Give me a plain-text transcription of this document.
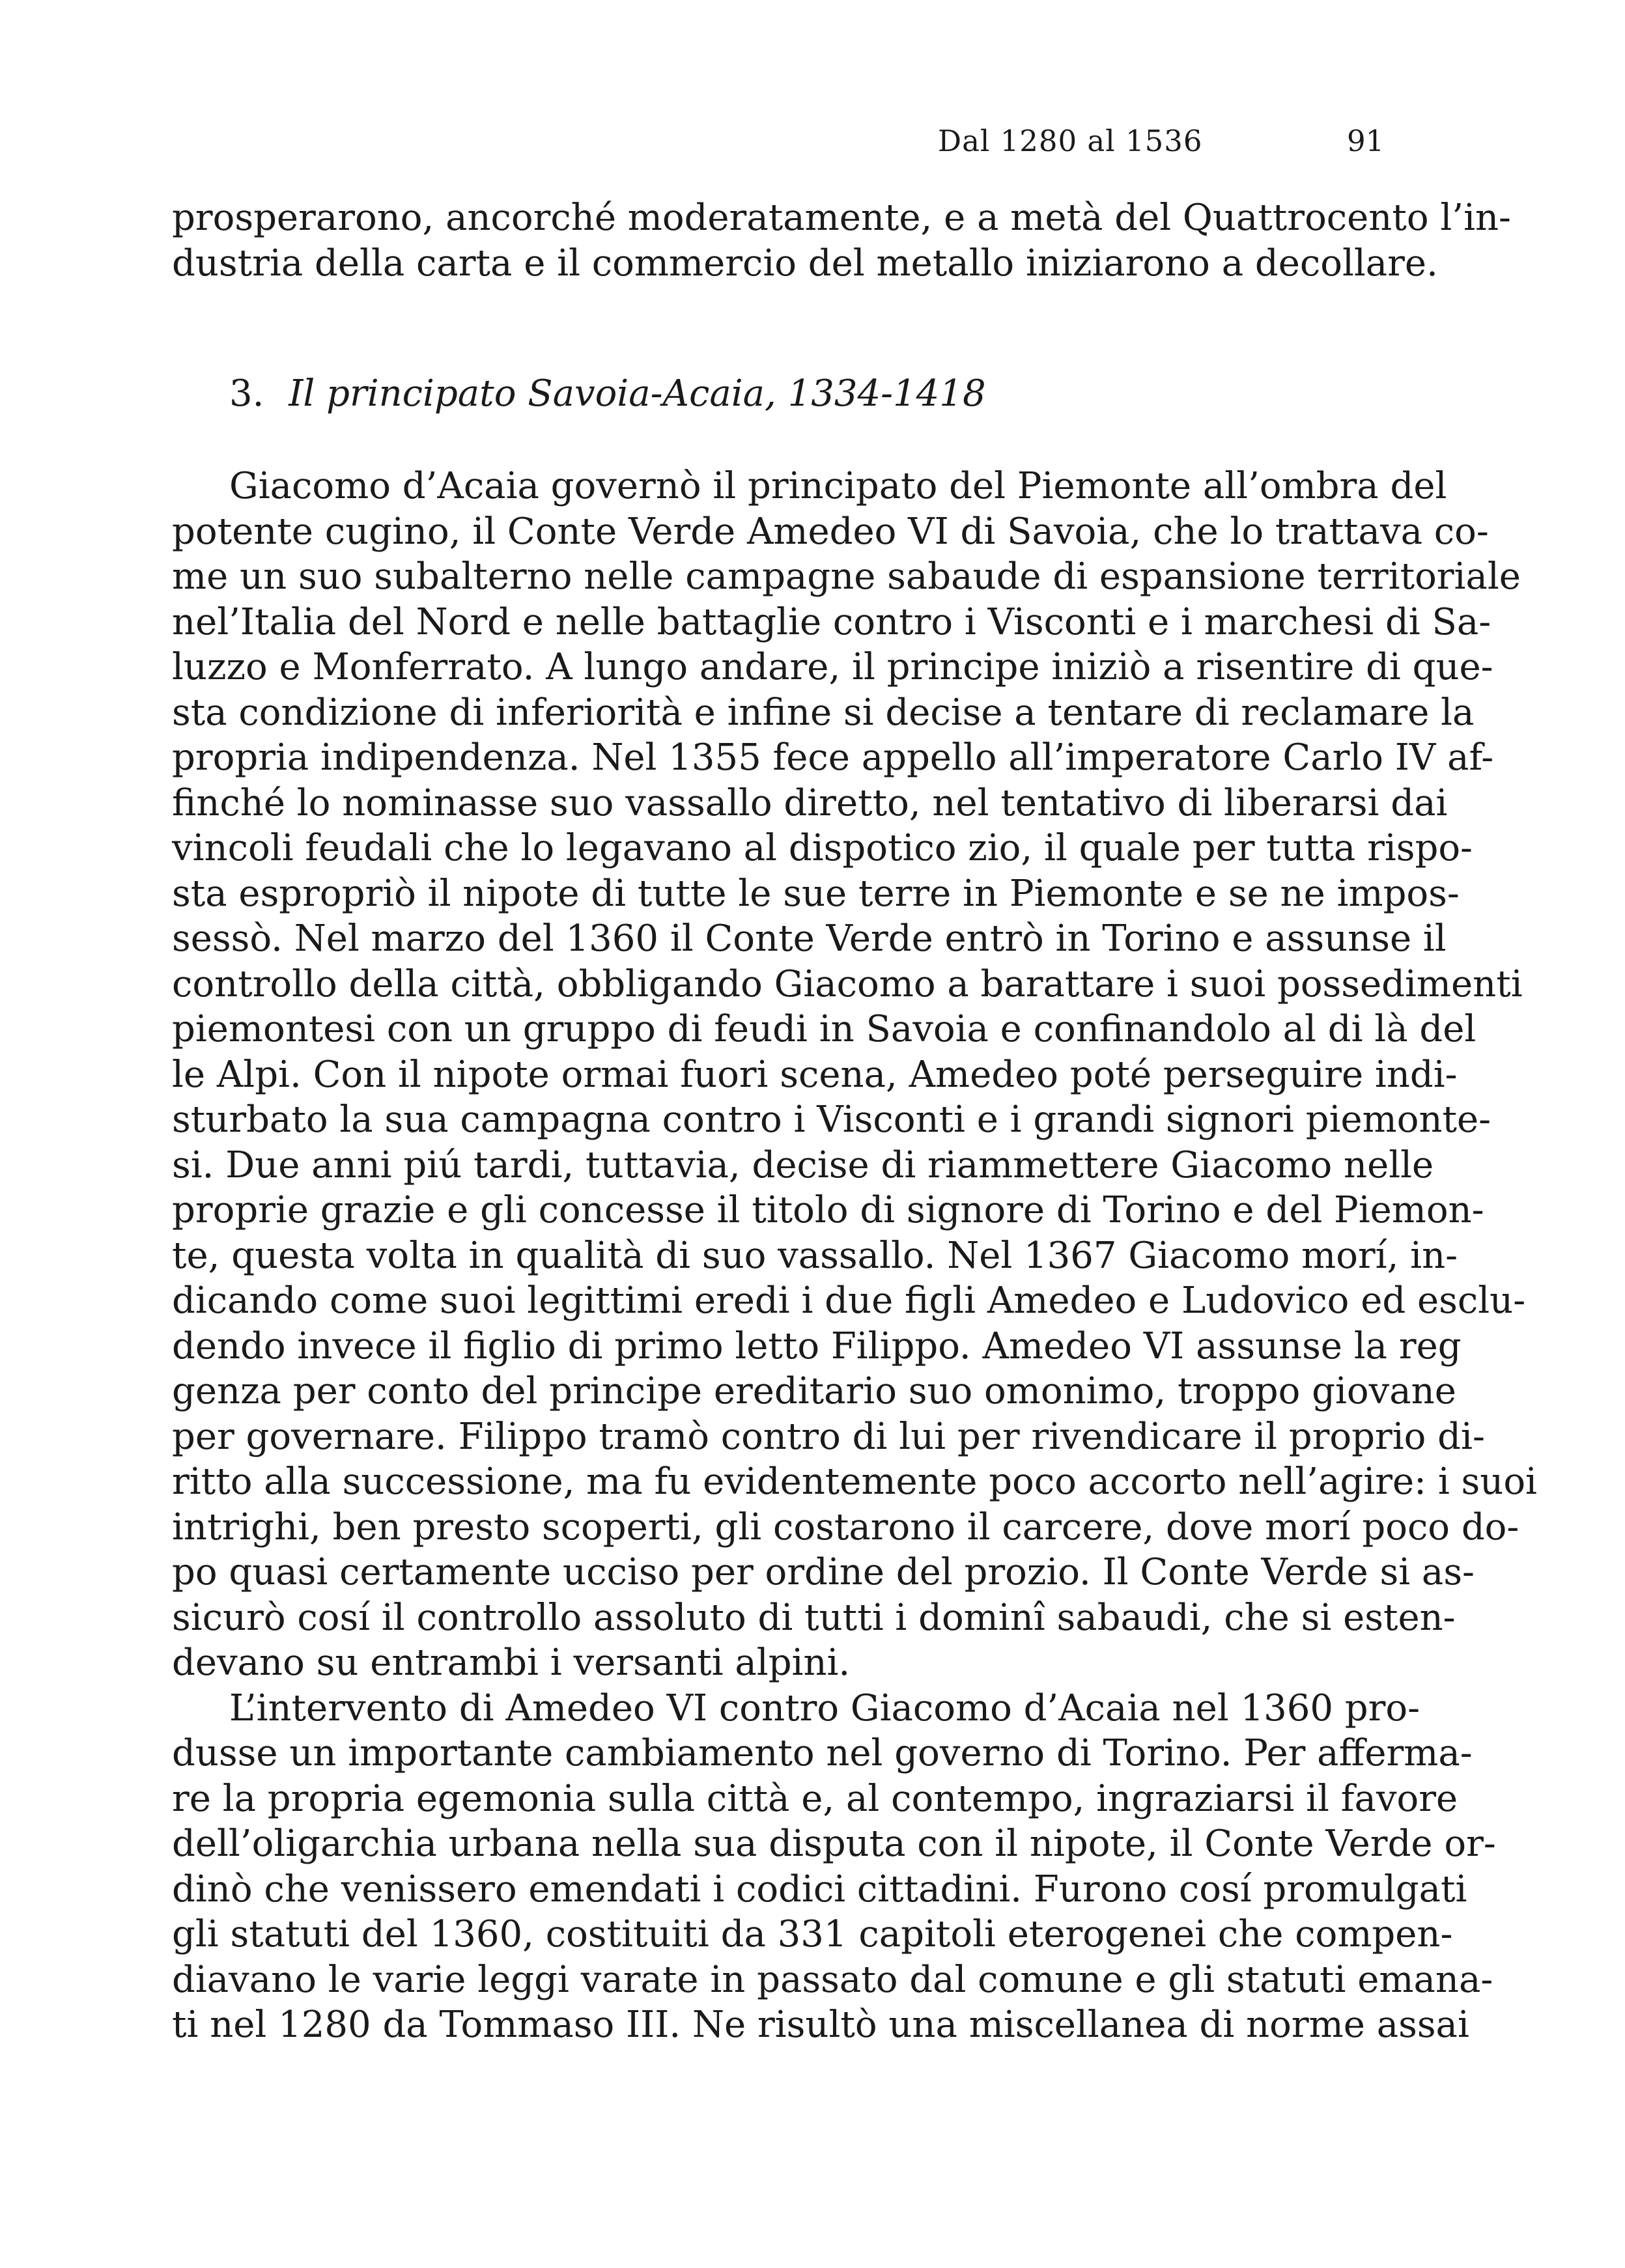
Dal 1280 al 1536	91
prosperarono, ancorché moderatamente, e a metà del Quattrocento l’in-
dustria della carta e il commercio del metallo iniziarono a decollare.
3. Il principato Savoia-Acaia, 1334-1418
Giacomo d’Acaia governò il principato del Piemonte all’ombra del
potente cugino, il Conte Verde Amedeo VI di Savoia, che lo trattava co-
me un suo subalterno nelle campagne sabaude di espansione territoriale
nel’Italia del Nord e nelle battaglie contro i Visconti e i marchesi di Sa-
luzzo e Monferrato. A lungo andare, il principe iniziò a risentire di que-
sta condizione di inferiorità e infine si decise a tentare di reclamare la
propria indipendenza. Nel 1355 fece appello all’imperatore Carlo IV af-
finché lo nominasse suo vassallo diretto, nel tentativo di liberarsi dai
vincoli feudali che lo legavano al dispotico zio, il quale per tutta rispo-
sta espropriò il nipote di tutte le sue terre in Piemonte e se ne impos-
sessò. Nel marzo del 1360 il Conte Verde entrò in Torino e assunse il
controllo della città, obbligando Giacomo a barattare i suoi possedimenti
piemontesi con un gruppo di feudi in Savoia e confinandolo al di là del
le Alpi. Con il nipote ormai fuori scena, Amedeo poté perseguire indi-
sturbato la sua campagna contro i Visconti e i grandi signori piemonte-
si. Due anni piú tardi, tuttavia, decise di riammettere Giacomo nelle
proprie grazie e gli concesse il titolo di signore di Torino e del Piemon-
te, questa volta in qualità di suo vassallo. Nel 1367 Giacomo morí, in-
dicando come suoi legittimi eredi i due figli Amedeo e Ludovico ed esclu-
dendo invece il figlio di primo letto Filippo. Amedeo VI assunse la reg
genza per conto del principe ereditario suo omonimo, troppo giovane
per governare. Filippo tramò contro di lui per rivendicare il proprio di-
ritto alla successione, ma fu evidentemente poco accorto nell’agire: i suoi
intrighi, ben presto scoperti, gli costarono il carcere, dove morí poco do-
po quasi certamente ucciso per ordine del prozio. Il Conte Verde si as-
sicurò cosí il controllo assoluto di tutti i dominî sabaudi, che si esten-
devano su entrambi i versanti alpini.
L’intervento di Amedeo VI contro Giacomo d’Acaia nel 1360 pro-
dusse un importante cambiamento nel governo di Torino. Per afferma-
re la propria egemonia sulla città e, al contempo, ingraziarsi il favore
dell’oligarchia urbana nella sua disputa con il nipote, il Conte Verde or-
dinò che venissero emendati i codici cittadini. Furono cosí promulgati
gli statuti del 1360, costituiti da 331 capitoli eterogenei che compen-
diavano le varie leggi varate in passato dal comune e gli statuti emana-
ti nel 1280 da Tommaso III. Ne risultò una miscellanea di norme assai
